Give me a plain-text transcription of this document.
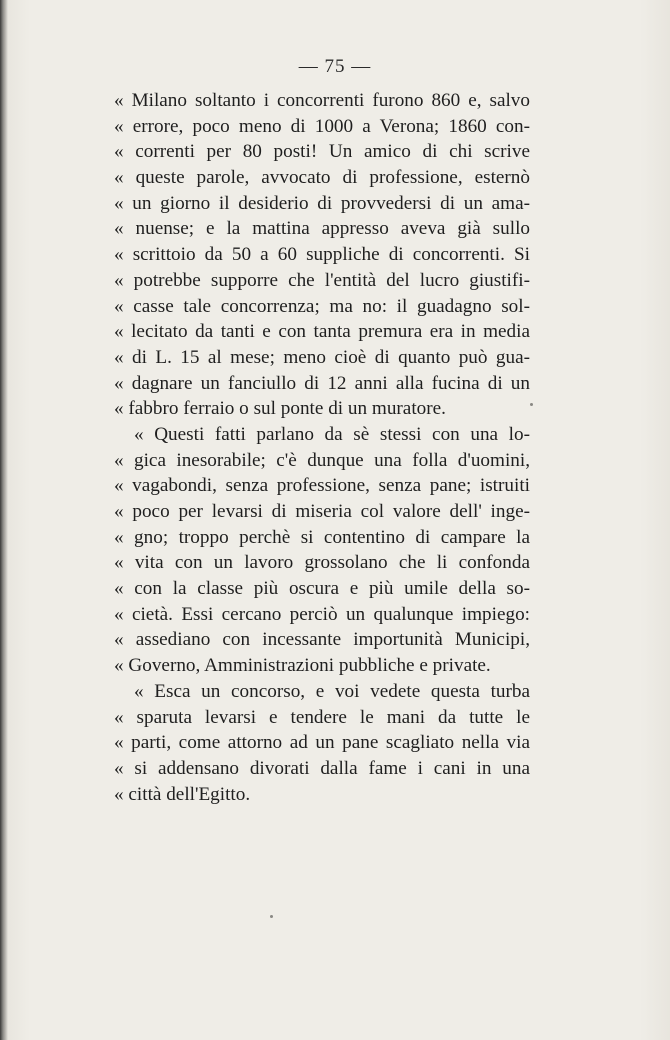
— 75 —
« Milano soltanto i concorrenti furono 860 e, salvo
« errore, poco meno di 1000 a Verona; 1860 con-
« correnti per 80 posti! Un amico di chi scrive
« queste parole, avvocato di professione, esternò
« un giorno il desiderio di provvedersi di un ama-
« nuense; e la mattina appresso aveva già sullo
« scrittoio da 50 a 60 suppliche di concorrenti. Si
« potrebbe supporre che l'entità del lucro giustifi-
« casse tale concorrenza; ma no: il guadagno sol-
« lecitato da tanti e con tanta premura era in media
« di L. 15 al mese; meno cioè di quanto può gua-
« dagnare un fanciullo di 12 anni alla fucina di un
« fabbro ferraio o sul ponte di un muratore.
« Questi fatti parlano da sè stessi con una lo-
« gica inesorabile; c'è dunque una folla d'uomini,
« vagabondi, senza professione, senza pane; istruiti
« poco per levarsi di miseria col valore dell' inge-
« gno; troppo perchè si contentino di campare la
« vita con un lavoro grossolano che li confonda
« con la classe più oscura e più umile della so-
« cietà. Essi cercano perciò un qualunque impiego:
« assediano con incessante importunità Municipi,
« Governo, Amministrazioni pubbliche e private.
« Esca un concorso, e voi vedete questa turba
« sparuta levarsi e tendere le mani da tutte le
« parti, come attorno ad un pane scagliato nella via
« si addensano divorati dalla fame i cani in una
« città dell'Egitto.
